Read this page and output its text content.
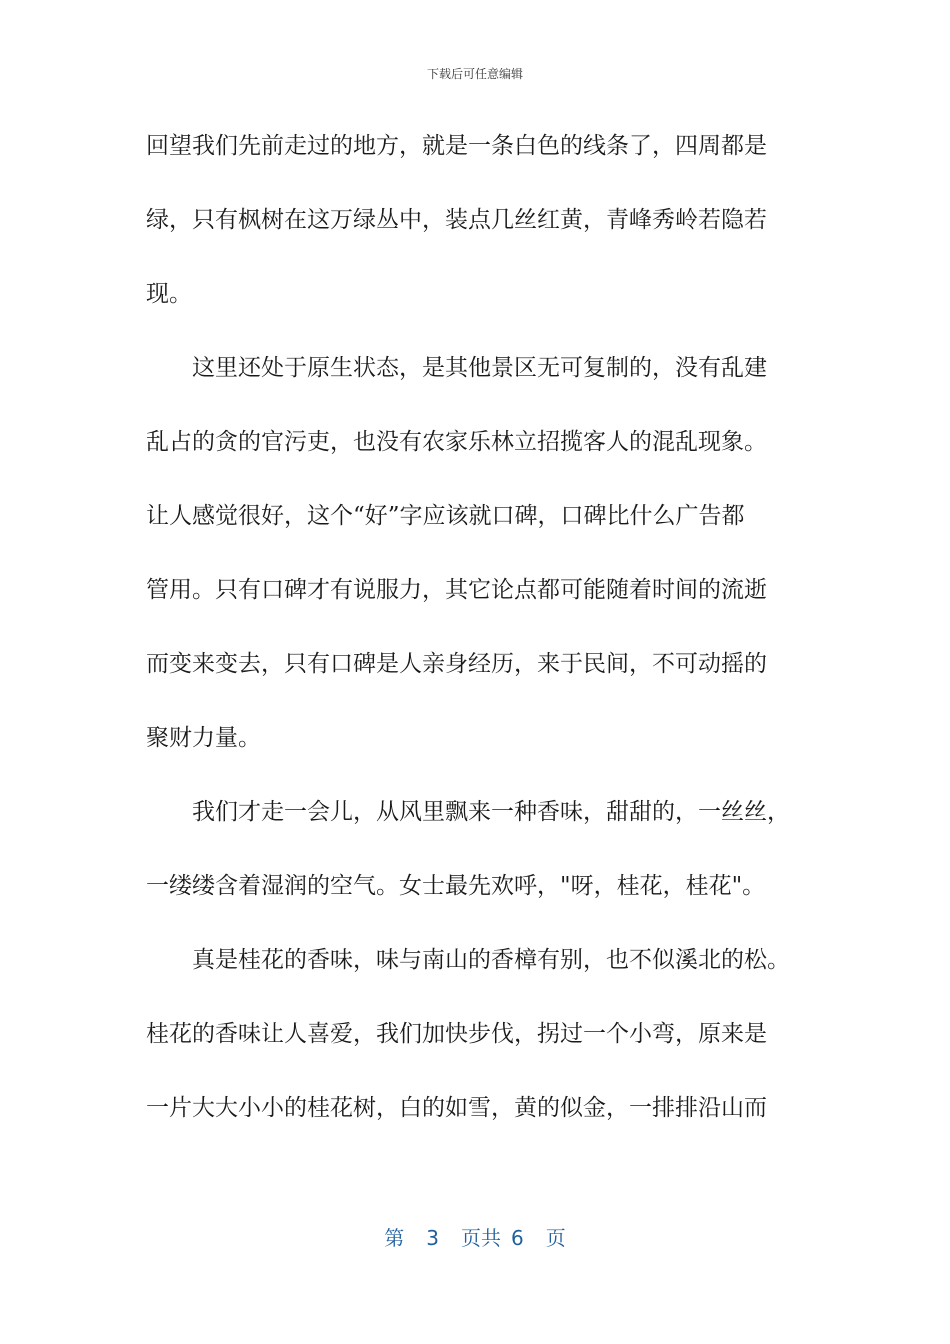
下载后可任意编辑
回望我们先前走过的地方，就是一条白色的线条了，四周都是
绿，只有枫树在这万绿丛中，装点几丝红黄，青峰秀岭若隐若
现。
这里还处于原生状态，是其他景区无可复制的，没有乱建
乱占的贪的官污吏，也没有农家乐林立招揽客人的混乱现象。
让人感觉很好，这个“好”字应该就口碑，口碑比什么广告都
管用。只有口碑才有说服力，其它论点都可能随着时间的流逝
而变来变去，只有口碑是人亲身经历，来于民间，不可动摇的
聚财力量。
我们才走一会儿，从风里飘来一种香味，甜甜的，一丝丝，
一缕缕含着湿润的空气。女士最先欢呼，"呀，桂花，桂花"。
真是桂花的香味，味与南山的香樟有别，也不似溪北的松。
桂花的香味让人喜爱，我们加快步伐，拐过一个小弯，原来是
一片大大小小的桂花树，白的如雪，黄的似金，一排排沿山而
第 3 页共 6 页
